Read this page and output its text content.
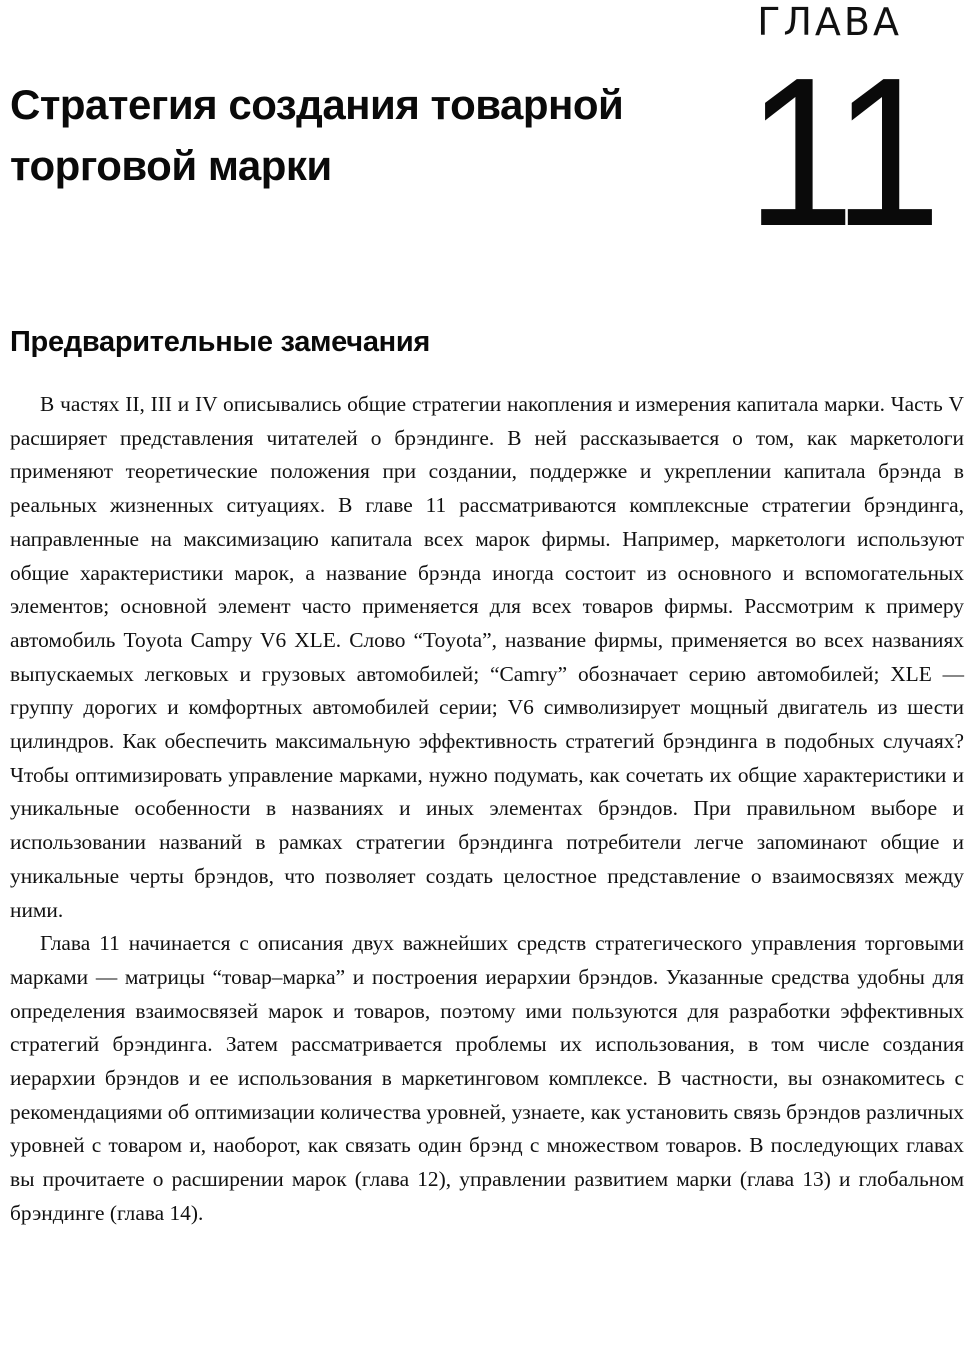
ГЛАВА
11
Стратегия создания товарной торговой марки
Предварительные замечания

В частях II, III и IV описывались общие стратегии накопления и измерения капитала марки. Часть V расширяет представления читателей о брэндинге. В ней рассказывается о том, как маркетологи применяют теоретические положения при создании, поддержке и укреплении капитала брэнда в реальных жизненных ситуациях. В главе 11 рассматриваются комплексные стратегии брэндинга, направленные на максимизацию капитала всех марок фирмы. Например, маркетологи используют общие характеристики марок, а название брэнда иногда состоит из основного и вспомогательных элементов; основной элемент часто применяется для всех товаров фирмы. Рассмотрим к примеру автомобиль Toyota Campy V6 XLE. Слово “Toyota”, название фирмы, применяется во всех названиях выпускаемых легковых и грузовых автомобилей; “Camry” обозначает серию автомобилей; XLE — группу дорогих и комфортных автомобилей серии; V6 символизирует мощный двигатель из шести цилиндров. Как обеспечить максимальную эффективность стратегий брэндинга в подобных случаях? Чтобы оптимизировать управление марками, нужно подумать, как сочетать их общие характеристики и уникальные особенности в названиях и иных элементах брэндов. При правильном выборе и использовании названий в рамках стратегии брэндинга потребители легче запоминают общие и уникальные черты брэндов, что позволяет создать целостное представление о взаимосвязях между ними.

Глава 11 начинается с описания двух важнейших средств стратегического управления торговыми марками — матрицы “товар–марка” и построения иерархии брэндов. Указанные средства удобны для определения взаимосвязей марок и товаров, поэтому ими пользуются для разработки эффективных стратегий брэндинга. Затем рассматривается проблемы их использования, в том числе создания иерархии брэндов и ее использования в маркетинговом комплексе. В частности, вы ознакомитесь с рекомендациями об оптимизации количества уровней, узнаете, как установить связь брэндов различных уровней с товаром и, наоборот, как связать один брэнд с множеством товаров. В последующих главах вы прочитаете о расширении марок (глава 12), управлении развитием марки (глава 13) и глобальном брэндинге (глава 14).
